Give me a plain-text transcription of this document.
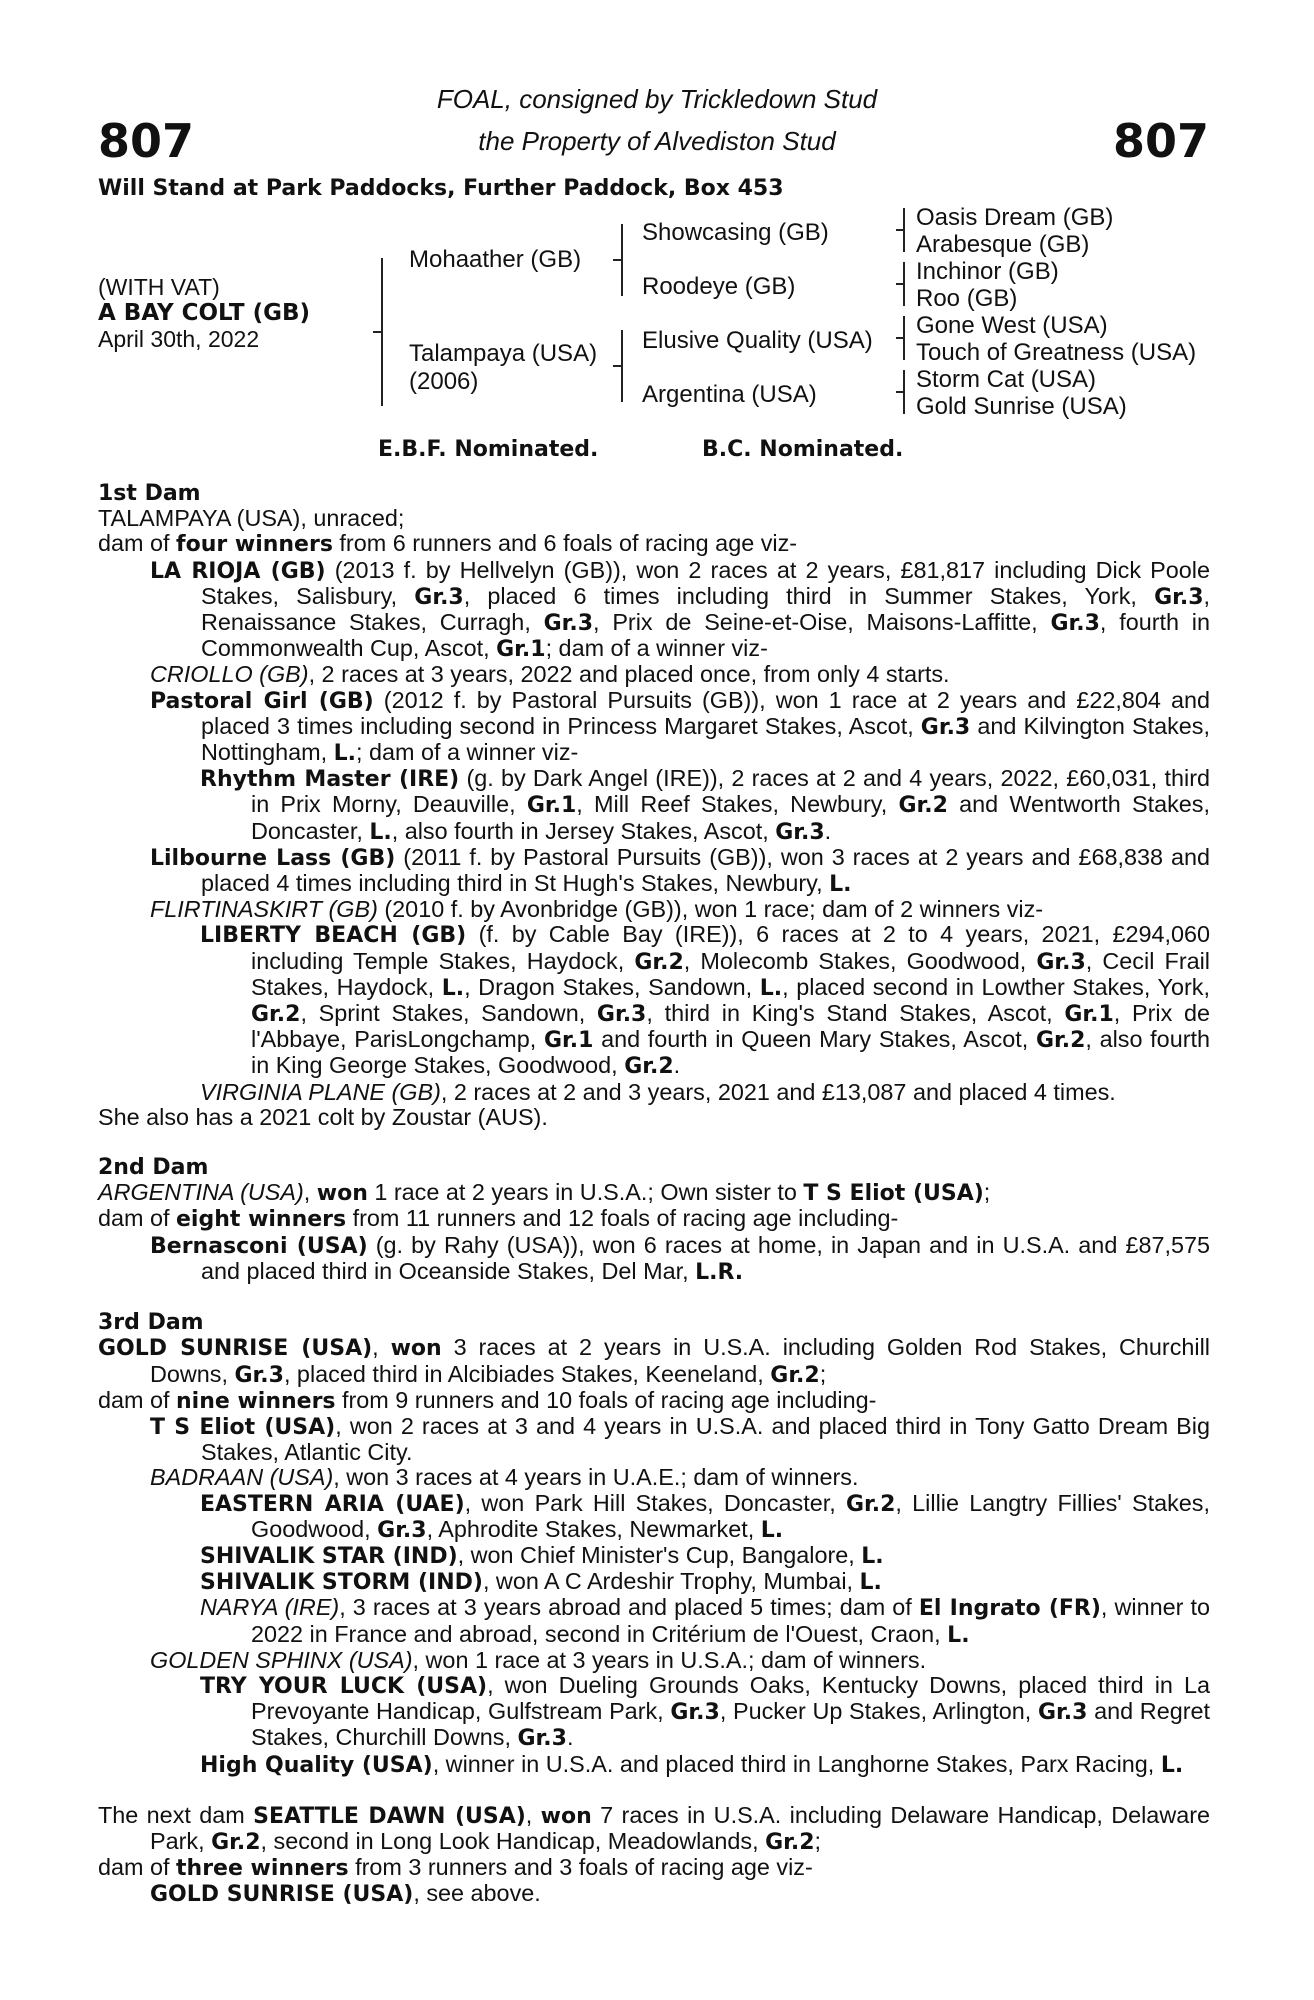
807	807
FOAL, consigned by Trickledown Stud
the Property of Alvediston Stud
Will Stand at Park Paddocks, Further Paddock, Box 453
(WITH VAT)
A BAY COLT (GB)
April 30th, 2022
Mohaather (GB)
Talampaya (USA)
(2006)
Showcasing (GB)
Roodeye (GB)
Elusive Quality (USA)
Argentina (USA)
Oasis Dream (GB)
Arabesque (GB)
Inchinor (GB)
Roo (GB)
Gone West (USA)
Touch of Greatness (USA)
Storm Cat (USA)
Gold Sunrise (USA)
E.B.F. Nominated.	B.C. Nominated.

1st Dam

TALAMPAYA (USA), unraced;

dam of four winners from 6 runners and 6 foals of racing age viz-

LA RIOJA (GB) (2013 f. by Hellvelyn (GB)), won 2 races at 2 years, £81,817 including Dick Poole Stakes, Salisbury, Gr.3, placed 6 times including third in Summer Stakes, York, Gr.3, Renaissance Stakes, Curragh, Gr.3, Prix de Seine-et-Oise, Maisons-Laffitte, Gr.3, fourth in Commonwealth Cup, Ascot, Gr.1; dam of a winner viz-

CRIOLLO (GB), 2 races at 3 years, 2022 and placed once, from only 4 starts.

Pastoral Girl (GB) (2012 f. by Pastoral Pursuits (GB)), won 1 race at 2 years and £22,804 and placed 3 times including second in Princess Margaret Stakes, Ascot, Gr.3 and Kilvington Stakes, Nottingham, L.; dam of a winner viz-

Rhythm Master (IRE) (g. by Dark Angel (IRE)), 2 races at 2 and 4 years, 2022, £60,031, third in Prix Morny, Deauville, Gr.1, Mill Reef Stakes, Newbury, Gr.2 and Wentworth Stakes, Doncaster, L., also fourth in Jersey Stakes, Ascot, Gr.3.

Lilbourne Lass (GB) (2011 f. by Pastoral Pursuits (GB)), won 3 races at 2 years and £68,838 and placed 4 times including third in St Hugh's Stakes, Newbury, L.

FLIRTINASKIRT (GB) (2010 f. by Avonbridge (GB)), won 1 race; dam of 2 winners viz-

LIBERTY BEACH (GB) (f. by Cable Bay (IRE)), 6 races at 2 to 4 years, 2021, £294,060 including Temple Stakes, Haydock, Gr.2, Molecomb Stakes, Goodwood, Gr.3, Cecil Frail Stakes, Haydock, L., Dragon Stakes, Sandown, L., placed second in Lowther Stakes, York, Gr.2, Sprint Stakes, Sandown, Gr.3, third in King's Stand Stakes, Ascot, Gr.1, Prix de l'Abbaye, ParisLongchamp, Gr.1 and fourth in Queen Mary Stakes, Ascot, Gr.2, also fourth in King George Stakes, Goodwood, Gr.2.

VIRGINIA PLANE (GB), 2 races at 2 and 3 years, 2021 and £13,087 and placed 4 times.

She also has a 2021 colt by Zoustar (AUS).

2nd Dam

ARGENTINA (USA), won 1 race at 2 years in U.S.A.; Own sister to T S Eliot (USA);

dam of eight winners from 11 runners and 12 foals of racing age including-

Bernasconi (USA) (g. by Rahy (USA)), won 6 races at home, in Japan and in U.S.A. and £87,575 and placed third in Oceanside Stakes, Del Mar, L.R.

3rd Dam

GOLD SUNRISE (USA), won 3 races at 2 years in U.S.A. including Golden Rod Stakes, Churchill Downs, Gr.3, placed third in Alcibiades Stakes, Keeneland, Gr.2;

dam of nine winners from 9 runners and 10 foals of racing age including-

T S Eliot (USA), won 2 races at 3 and 4 years in U.S.A. and placed third in Tony Gatto Dream Big Stakes, Atlantic City.

BADRAAN (USA), won 3 races at 4 years in U.A.E.; dam of winners.

EASTERN ARIA (UAE), won Park Hill Stakes, Doncaster, Gr.2, Lillie Langtry Fillies' Stakes, Goodwood, Gr.3, Aphrodite Stakes, Newmarket, L.

SHIVALIK STAR (IND), won Chief Minister's Cup, Bangalore, L.

SHIVALIK STORM (IND), won A C Ardeshir Trophy, Mumbai, L.

NARYA (IRE), 3 races at 3 years abroad and placed 5 times; dam of El Ingrato (FR), winner to 2022 in France and abroad, second in Critérium de l'Ouest, Craon, L.

GOLDEN SPHINX (USA), won 1 race at 3 years in U.S.A.; dam of winners.

TRY YOUR LUCK (USA), won Dueling Grounds Oaks, Kentucky Downs, placed third in La Prevoyante Handicap, Gulfstream Park, Gr.3, Pucker Up Stakes, Arlington, Gr.3 and Regret Stakes, Churchill Downs, Gr.3.

High Quality (USA), winner in U.S.A. and placed third in Langhorne Stakes, Parx Racing, L.

The next dam SEATTLE DAWN (USA), won 7 races in U.S.A. including Delaware Handicap, Delaware Park, Gr.2, second in Long Look Handicap, Meadowlands, Gr.2;

dam of three winners from 3 runners and 3 foals of racing age viz-

GOLD SUNRISE (USA), see above.
